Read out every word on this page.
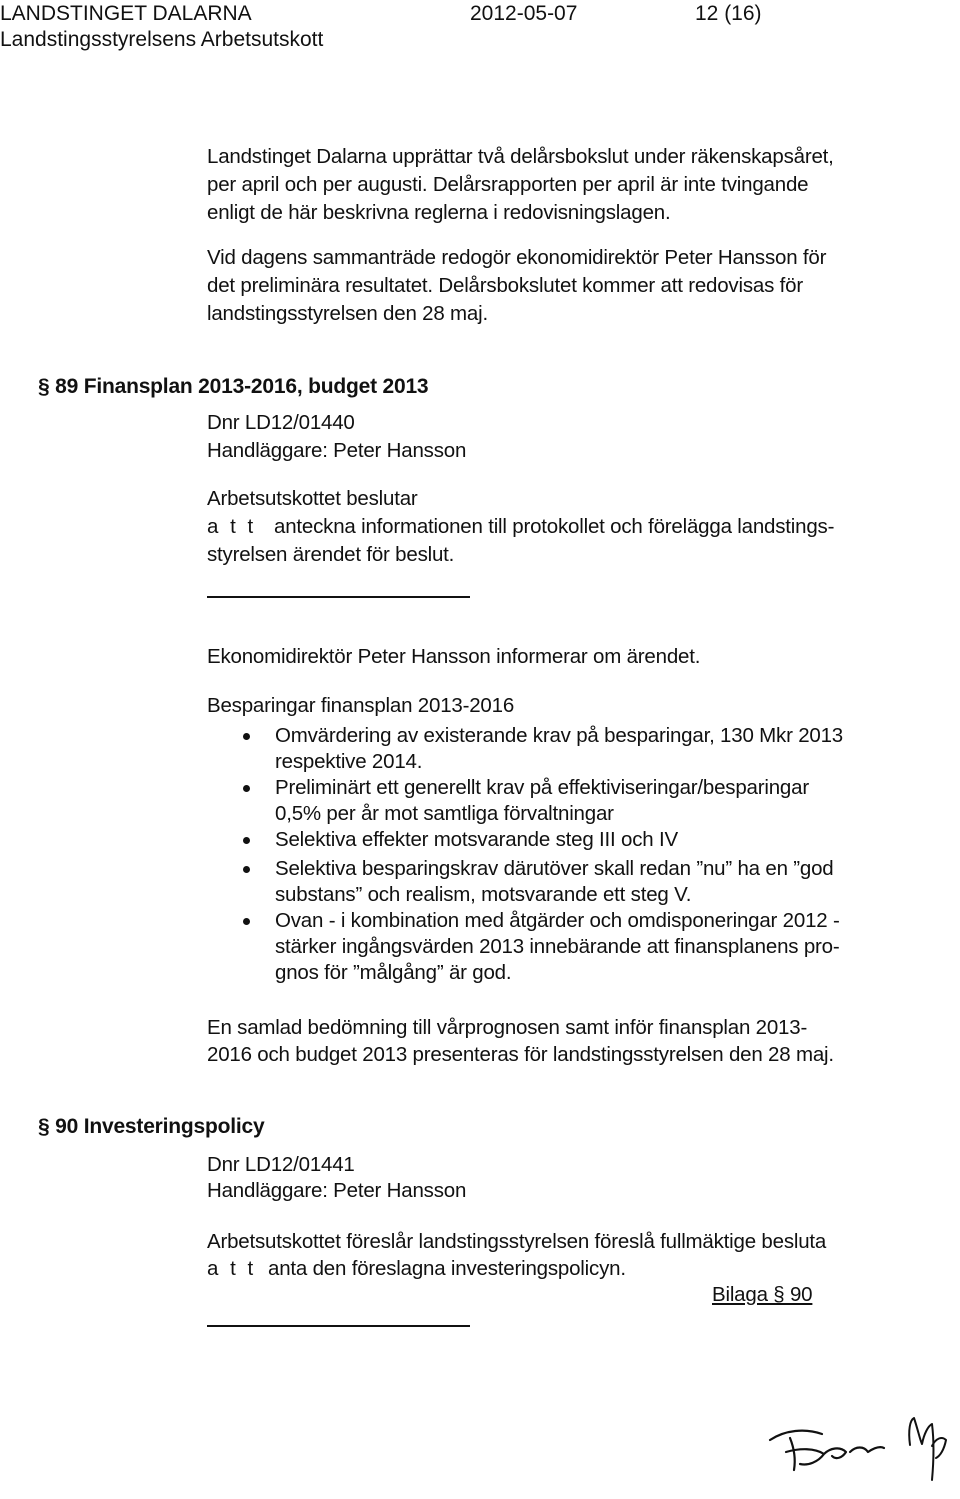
LANDSTINGET DALARNA
Landstingsstyrelsens Arbetsutskott
2012-05-07	12 (16)
Landstinget Dalarna upprättar två delårsbokslut under räkenskapsåret,
per april och per augusti. Delårsrapporten per april är inte tvingande
enligt de här beskrivna reglerna i redovisningslagen.
Vid dagens sammanträde redogör ekonomidirektör Peter Hansson för
det preliminära resultatet. Delårsbokslutet kommer att redovisas för
landstingsstyrelsen den 28 maj.
§ 89 Finansplan 2013-2016, budget 2013
Dnr LD12/01440
Handläggare: Peter Hansson
Arbetsutskottet beslutar
a t t anteckna informationen till protokollet och förelägga landstings-
styrelsen ärendet för beslut.
Ekonomidirektör Peter Hansson informerar om ärendet.
Besparingar finansplan 2013-2016
Omvärdering av existerande krav på besparingar, 130 Mkr 2013
respektive 2014.
Preliminärt ett generellt krav på effektiviseringar/besparingar
0,5% per år mot samtliga förvaltningar
Selektiva effekter motsvarande steg III och IV
Selektiva besparingskrav därutöver skall redan ”nu” ha en ”god
substans” och realism, motsvarande ett steg V.
Ovan - i kombination med åtgärder och omdisponeringar 2012 -
stärker ingångsvärden 2013 innebärande att finansplanens pro-
gnos för ”målgång” är god.
En samlad bedömning till vårprognosen samt inför finansplan 2013-
2016 och budget 2013 presenteras för landstingsstyrelsen den 28 maj.
§ 90 Investeringspolicy
Dnr LD12/01441
Handläggare: Peter Hansson
Arbetsutskottet föreslår landstingsstyrelsen föreslå fullmäktige besluta
a t t anta den föreslagna investeringspolicyn.
Bilaga § 90
